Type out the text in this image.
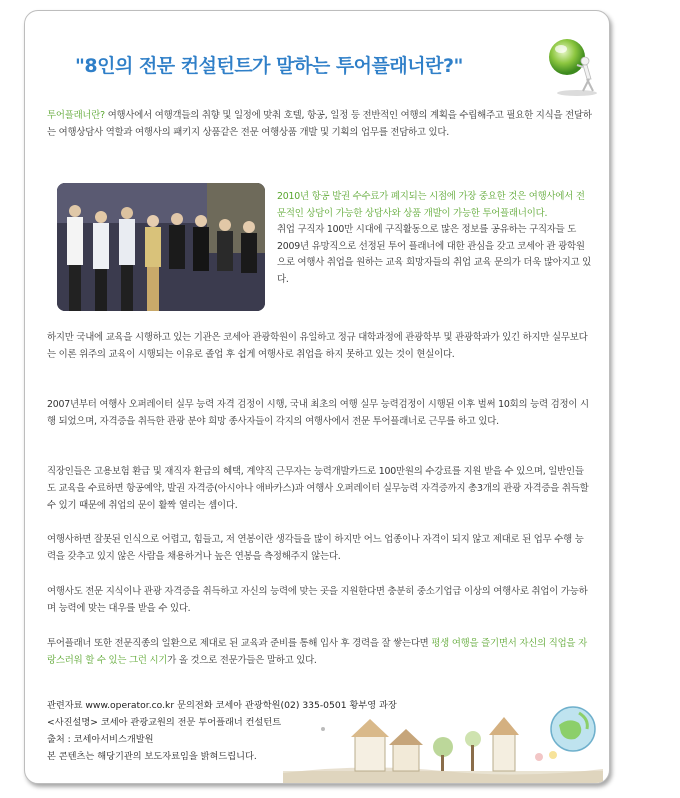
"8인의 전문 컨설턴트가 말하는 투어플래너란?"
투어플래너란? 여행사에서 여행객들의 취향 및 일정에 맞춰 호텔, 항공, 일정 등 전반적인 여행의 계획을 수립해주고 필요한 지식을 전달하는 여행상담사 역할과 여행사의 패키지 상품같은 전문 여행상품 개발 및 기획의 업무를 전담하고 있다.
2010년 항공 발권 수수료가 폐지되는 시점에 가장 중요한 것은 여행사에서 전문적인 상담이 가능한 상담사와 상품 개발이 가능한 투어플래너이다.
취업 구직자 100만 시대에 구직활동으로 많은 정보를 공유하는 구직자들 도 2009년 유망직으로 선정된 투어 플래너에 대한 관심을 갖고 코세아 관 광학원으로 여행사 취업을 원하는 교육 희망자들의 취업 교육 문의가 더욱 많아지고 있다.
하지만 국내에 교육을 시행하고 있는 기관은 코세아 관광학원이 유일하고 정규 대학과정에 관광학부 및 관광학과가 있긴 하지만 실무보다는 이론 위주의 교육이 시행되는 이유로 졸업 후 쉽게 여행사로 취업을 하지 못하고 있는 것이 현실이다.
2007년부터 여행사 오퍼레이터 실무 능력 자격 검정이 시행, 국내 최초의 여행 실무 능력검정이 시행된 이후 벌써 10회의 능력 검정이 시행 되었으며, 자격증을 취득한 관광 분야 희망 종사자들이 각지의 여행사에서 전문 투어플래너로 근무를 하고 있다.
직장인들은 고용보험 환급 및 재직자 환급의 혜택, 계약직 근무자는 능력개발카드로 100만원의 수강료를 지원 받을 수 있으며, 일반인들도 교육을 수료하면 항공예약, 발권 자격증(아시아나 애바카스)과 여행사 오퍼레이터 실무능력 자격증까지 총3개의 관광 자격증을 취득할 수 있기 때문에 취업의 문이 활짝 열리는 셈이다.
여행사하면 잘못된 인식으로 어렵고, 힘들고, 저 연봉이란 생각들을 많이 하지만 어느 업종이나 자격이 되지 않고 제대로 된 업무 수행 능력을 갖추고 있지 않은 사람을 채용하거나 높은 연봉을 측정해주지 않는다.
여행사도 전문 지식이나 관광 자격증을 취득하고 자신의 능력에 맞는 곳을 지원한다면 충분히 중소기업급 이상의 여행사로 취업이 가능하며 능력에 맞는 대우를 받을 수 있다.
투어플래너 또한 전문직종의 일환으로 제대로 된 교육과 준비를 통해 입사 후 경력을 잘 쌓는다면 평생 여행을 즐기면서 자신의 직업을 자랑스러워 할 수 있는 그런 시기가 올 것으로 전문가들은 말하고 있다.
관련자료 www.operator.co.kr 문의전화 코세아 관광학원(02) 335-0501 황부영 과장
<사진설명> 코세아 관광교원의 전문 투어플래너 컨설턴트
출처 : 코세아서비스개발원
본 콘텐츠는 해당기관의 보도자료임을 밝혀드립니다.
